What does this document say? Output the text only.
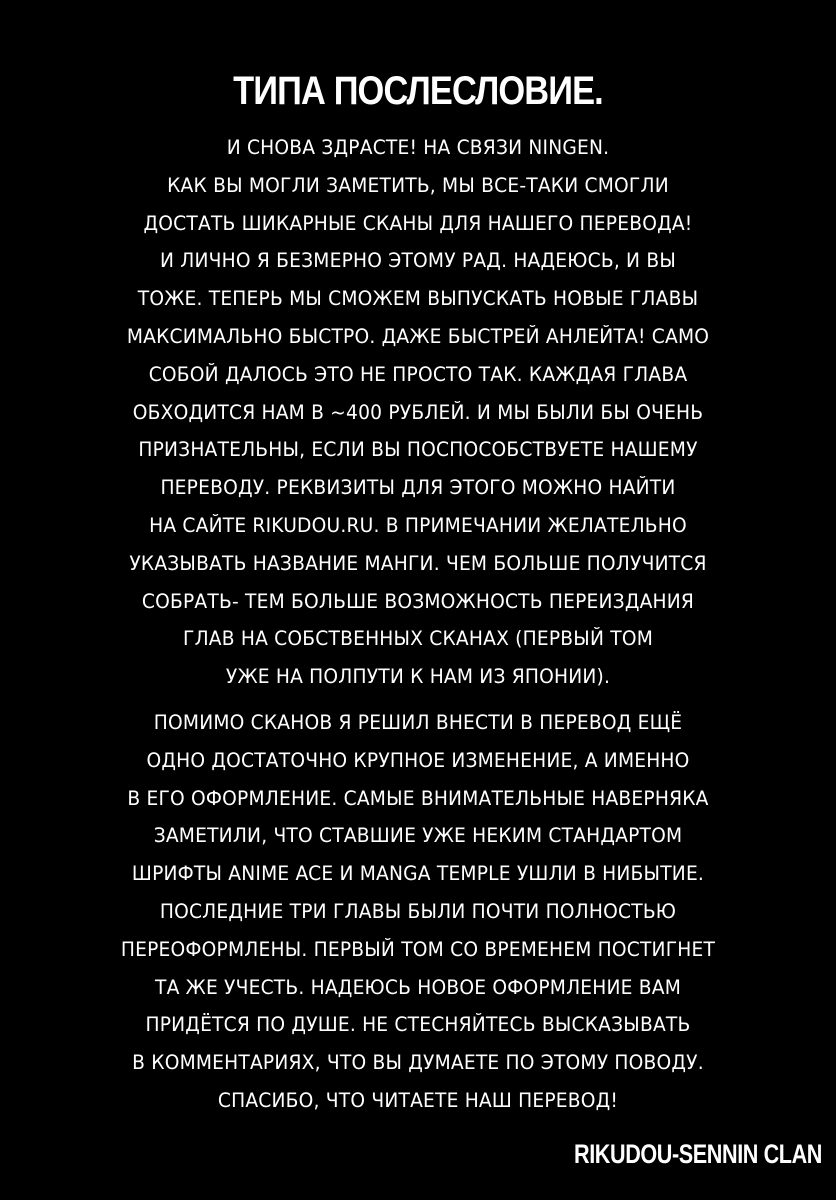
ТИПА ПОСЛЕСЛОВИЕ.
И СНОВА ЗДРАСТЕ! НА СВЯЗИ NINGEN.
КАК ВЫ МОГЛИ ЗАМЕТИТЬ, МЫ ВСЕ-ТАКИ СМОГЛИ
ДОСТАТЬ ШИКАРНЫЕ СКАНЫ ДЛЯ НАШЕГО ПЕРЕВОДА!
И ЛИЧНО Я БЕЗМЕРНО ЭТОМУ РАД. НАДЕЮСЬ, И ВЫ
ТОЖЕ. ТЕПЕРЬ МЫ СМОЖЕМ ВЫПУСКАТЬ НОВЫЕ ГЛАВЫ
МАКСИМАЛЬНО БЫСТРО. ДАЖЕ БЫСТРЕЙ АНЛЕЙТА! САМО
СОБОЙ ДАЛОСЬ ЭТО НЕ ПРОСТО ТАК. КАЖДАЯ ГЛАВА
ОБХОДИТСЯ НАМ В ~400 РУБЛЕЙ. И МЫ БЫЛИ БЫ ОЧЕНЬ
ПРИЗНАТЕЛЬНЫ, ЕСЛИ ВЫ ПОСПОСОБСТВУЕТЕ НАШЕМУ
ПЕРЕВОДУ. РЕКВИЗИТЫ ДЛЯ ЭТОГО МОЖНО НАЙТИ
НА САЙТЕ RIKUDOU.RU. В ПРИМЕЧАНИИ ЖЕЛАТЕЛЬНО
УКАЗЫВАТЬ НАЗВАНИЕ МАНГИ. ЧЕМ БОЛЬШЕ ПОЛУЧИТСЯ
СОБРАТЬ- ТЕМ БОЛЬШЕ ВОЗМОЖНОСТЬ ПЕРЕИЗДАНИЯ
ГЛАВ НА СОБСТВЕННЫХ СКАНАХ (ПЕРВЫЙ ТОМ
УЖЕ НА ПОЛПУТИ К НАМ ИЗ ЯПОНИИ).
ПОМИМО СКАНОВ Я РЕШИЛ ВНЕСТИ В ПЕРЕВОД ЕЩЁ
ОДНО ДОСТАТОЧНО КРУПНОЕ ИЗМЕНЕНИЕ, А ИМЕННО
В ЕГО ОФОРМЛЕНИЕ. САМЫЕ ВНИМАТЕЛЬНЫЕ НАВЕРНЯКА
ЗАМЕТИЛИ, ЧТО СТАВШИЕ УЖЕ НЕКИМ СТАНДАРТОМ
ШРИФТЫ ANIME ACE И MANGA TEMPLE УШЛИ В НИБЫТИЕ.
ПОСЛЕДНИЕ ТРИ ГЛАВЫ БЫЛИ ПОЧТИ ПОЛНОСТЬЮ
ПЕРЕОФОРМЛЕНЫ. ПЕРВЫЙ ТОМ СО ВРЕМЕНЕМ ПОСТИГНЕТ
ТА ЖЕ УЧЕСТЬ. НАДЕЮСЬ НОВОЕ ОФОРМЛЕНИЕ ВАМ
ПРИДЁТСЯ ПО ДУШЕ. НЕ СТЕСНЯЙТЕСЬ ВЫСКАЗЫВАТЬ
В КОММЕНТАРИЯХ, ЧТО ВЫ ДУМАЕТЕ ПО ЭТОМУ ПОВОДУ.
СПАСИБО, ЧТО ЧИТАЕТЕ НАШ ПЕРЕВОД!
RIKUDOU-SENNIN CLAN
